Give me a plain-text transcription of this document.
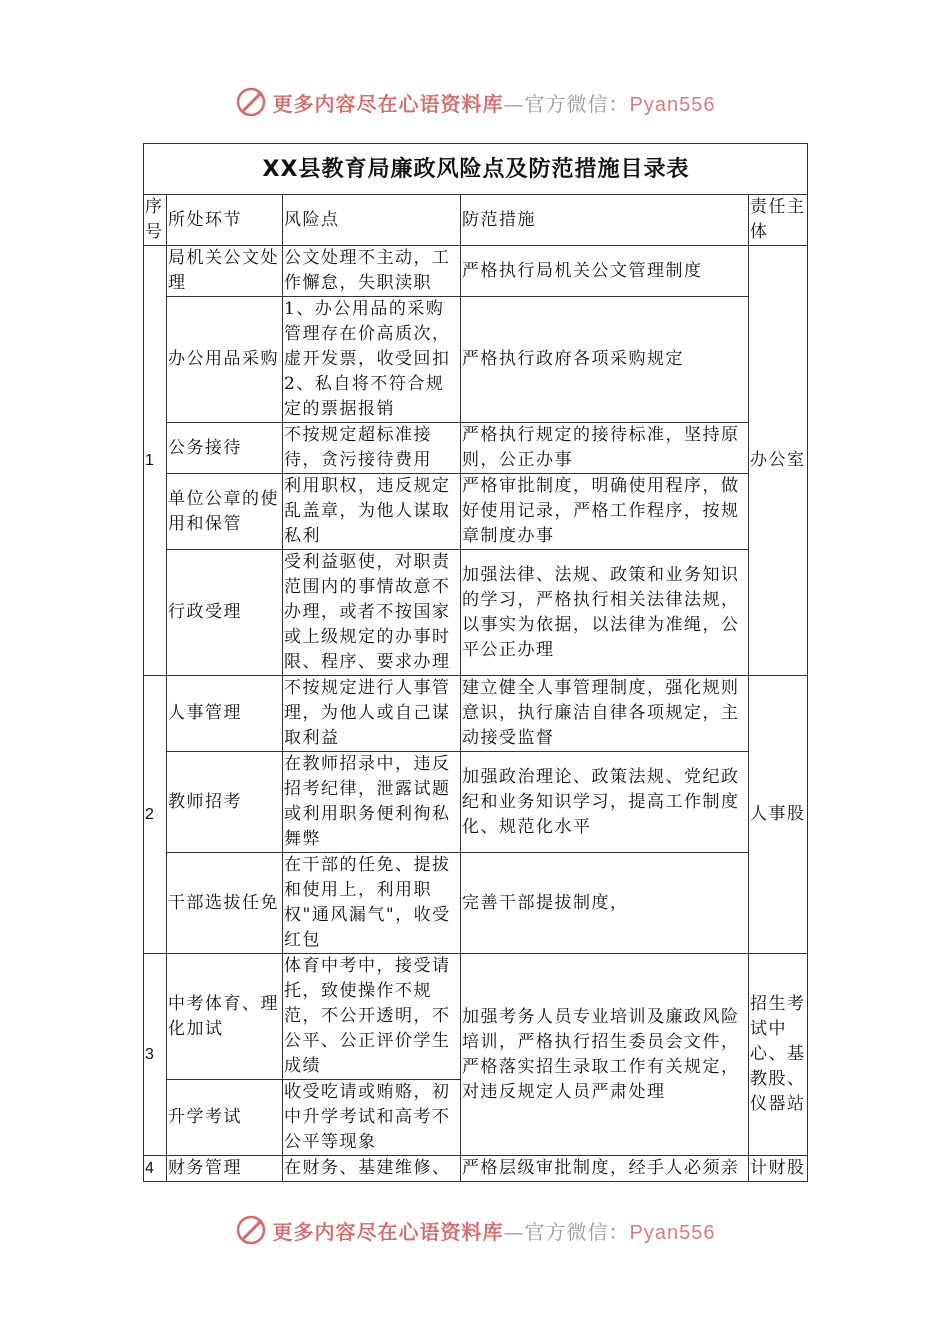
更多内容尽在心语资料库—官方微信：Pyan556
XX县教育局廉政风险点及防范措施目录表				
序号	所处环节	风险点	防范措施	责任主体
1	局机关公文处理	公文处理不主动，工作懈怠，失职渎职	严格执行局机关公文管理制度	办公室
	办公用品采购	1、办公用品的采购管理存在价高质次，虚开发票，收受回扣2、私自将不符合规定的票据报销	严格执行政府各项采购规定	
	公务接待	不按规定超标准接待，贪污接待费用	严格执行规定的接待标准，坚持原则，公正办事	
	单位公章的使用和保管	利用职权，违反规定乱盖章，为他人谋取私利	严格审批制度，明确使用程序，做好使用记录，严格工作程序，按规章制度办事	
	行政受理	受利益驱使，对职责范围内的事情故意不办理，或者不按国家或上级规定的办事时限、程序、要求办理	加强法律、法规、政策和业务知识的学习，严格执行相关法律法规，以事实为依据，以法律为准绳，公平公正办理	
2	人事管理	不按规定进行人事管理，为他人或自己谋取利益	建立健全人事管理制度，强化规则意识，执行廉洁自律各项规定，主动接受监督	人事股
	教师招考	在教师招录中，违反招考纪律，泄露试题或利用职务便利徇私舞弊	加强政治理论、政策法规、党纪政纪和业务知识学习，提高工作制度化、规范化水平	
	干部选拔任免	在干部的任免、提拔和使用上，利用职权"通风漏气"，收受红包	完善干部提拔制度，	
3	中考体育、理化加试	体育中考中，接受请托，致使操作不规范，不公开透明，不公平、公正评价学生成绩	加强考务人员专业培训及廉政风险培训，严格执行招生委员会文件，严格落实招生录取工作有关规定，对违反规定人员严肃处理	招生考试中心、基教股、仪器站
	升学考试	收受吃请或贿赂，初中升学考试和高考不公平等现象		
4	财务管理	在财务、基建维修、	严格层级审批制度，经手人必须亲	计财股
更多内容尽在心语资料库—官方微信：Pyan556
